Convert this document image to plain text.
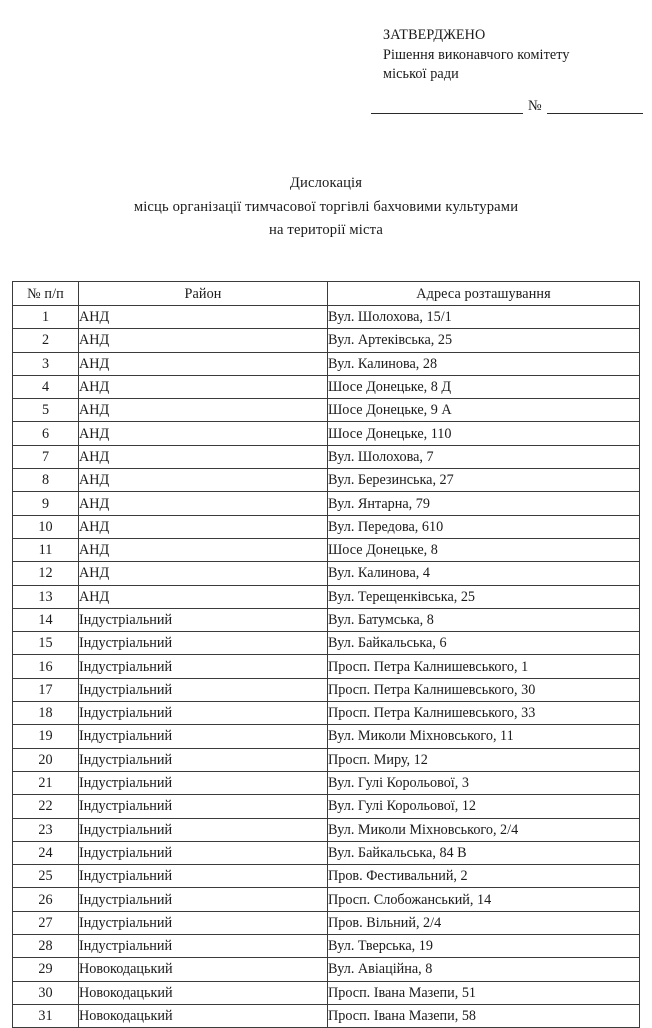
ЗАТВЕРДЖЕНО
Рішення виконавчого комітету
міської ради
№
Дислокація
місць організації тимчасової торгівлі бахчовими культурами
на території міста
№ п/п	Район	Адреса розташування
1	АНД	Вул. Шолохова, 15/1
2	АНД	Вул. Артеківська, 25
3	АНД	Вул. Калинова, 28
4	АНД	Шосе Донецьке, 8 Д
5	АНД	Шосе Донецьке, 9 А
6	АНД	Шосе Донецьке, 110
7	АНД	Вул. Шолохова, 7
8	АНД	Вул. Березинська, 27
9	АНД	Вул. Янтарна, 79
10	АНД	Вул. Передова, 610
11	АНД	Шосе Донецьке, 8
12	АНД	Вул. Калинова, 4
13	АНД	Вул. Терещенківська, 25
14	Індустріальний	Вул. Батумська, 8
15	Індустріальний	Вул. Байкальська, 6
16	Індустріальний	Просп. Петра Калнишевського, 1
17	Індустріальний	Просп. Петра Калнишевського, 30
18	Індустріальний	Просп. Петра Калнишевського, 33
19	Індустріальний	Вул. Миколи Міхновського, 11
20	Індустріальний	Просп. Миру, 12
21	Індустріальний	Вул. Гулі Корольової, 3
22	Індустріальний	Вул. Гулі Корольової, 12
23	Індустріальний	Вул. Миколи Міхновського, 2/4
24	Індустріальний	Вул. Байкальська, 84 В
25	Індустріальний	Пров. Фестивальний, 2
26	Індустріальний	Просп. Слобожанський, 14
27	Індустріальний	Пров. Вільний, 2/4
28	Індустріальний	Вул. Тверська, 19
29	Новокодацький	Вул. Авіаційна, 8
30	Новокодацький	Просп. Івана Мазепи, 51
31	Новокодацький	Просп. Івана Мазепи, 58
